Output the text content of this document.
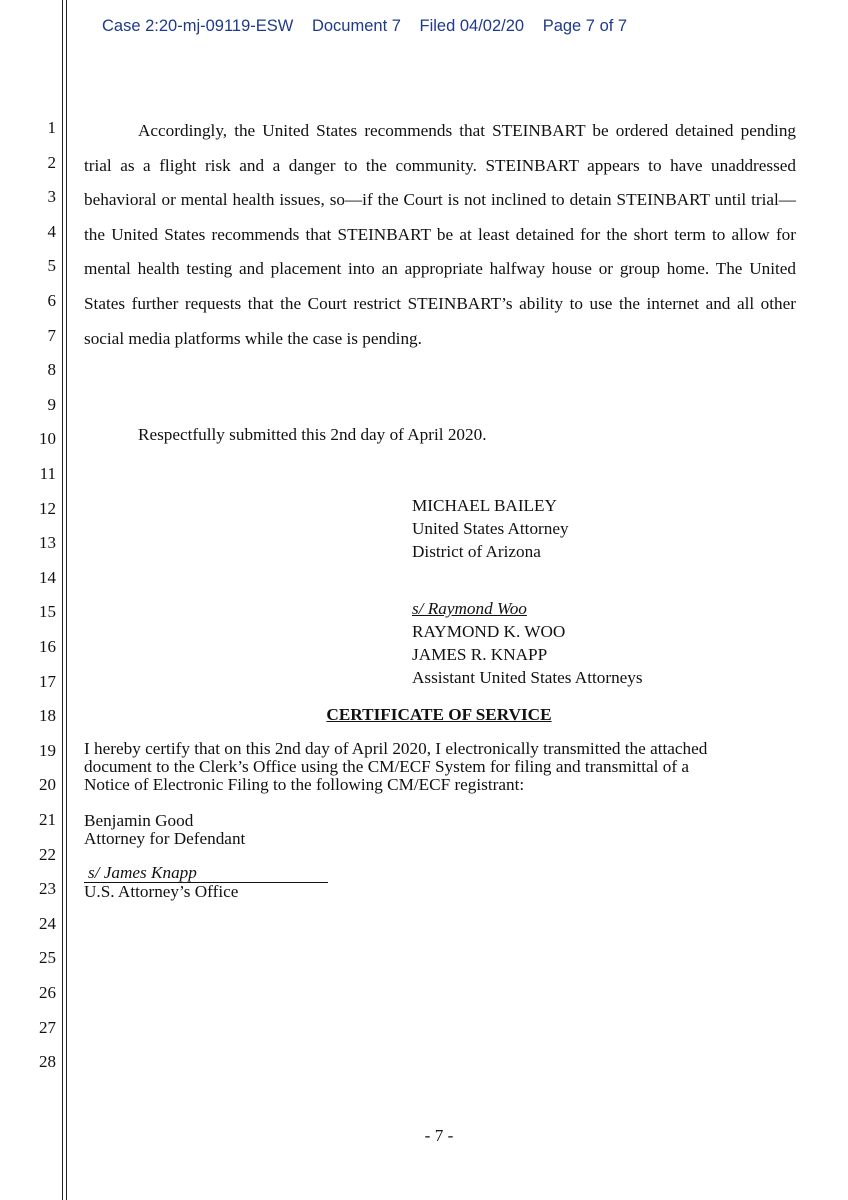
Case 2:20-mj-09119-ESW Document 7 Filed 04/02/20 Page 7 of 7
1
2
3
4
5
6
7
8
9
10
11
12
13
14
15
16
17
18
19
20
21
22
23
24
25
26
27
28

Accordingly, the United States recommends that STEINBART be ordered detained pending trial as a flight risk and a danger to the community. STEINBART appears to have unaddressed behavioral or mental health issues, so—if the Court is not inclined to detain STEINBART until trial—the United States recommends that STEINBART be at least detained for the short term to allow for mental health testing and placement into an appropriate halfway house or group home. The United States further requests that the Court restrict STEINBART’s ability to use the internet and all other social media platforms while the case is pending.

Respectfully submitted this 2nd day of April 2020.
MICHAEL BAILEY
United States Attorney
District of Arizona
s/ Raymond Woo
RAYMOND K. WOO
JAMES R. KNAPP
Assistant United States Attorneys
CERTIFICATE OF SERVICE
I hereby certify that on this 2nd day of April 2020, I electronically transmitted the attached
document to the Clerk’s Office using the CM/ECF System for filing and transmittal of a
Notice of Electronic Filing to the following CM/ECF registrant:
Benjamin Good
Attorney for Defendant
s/ James Knapp
U.S. Attorney’s Office
- 7 -
